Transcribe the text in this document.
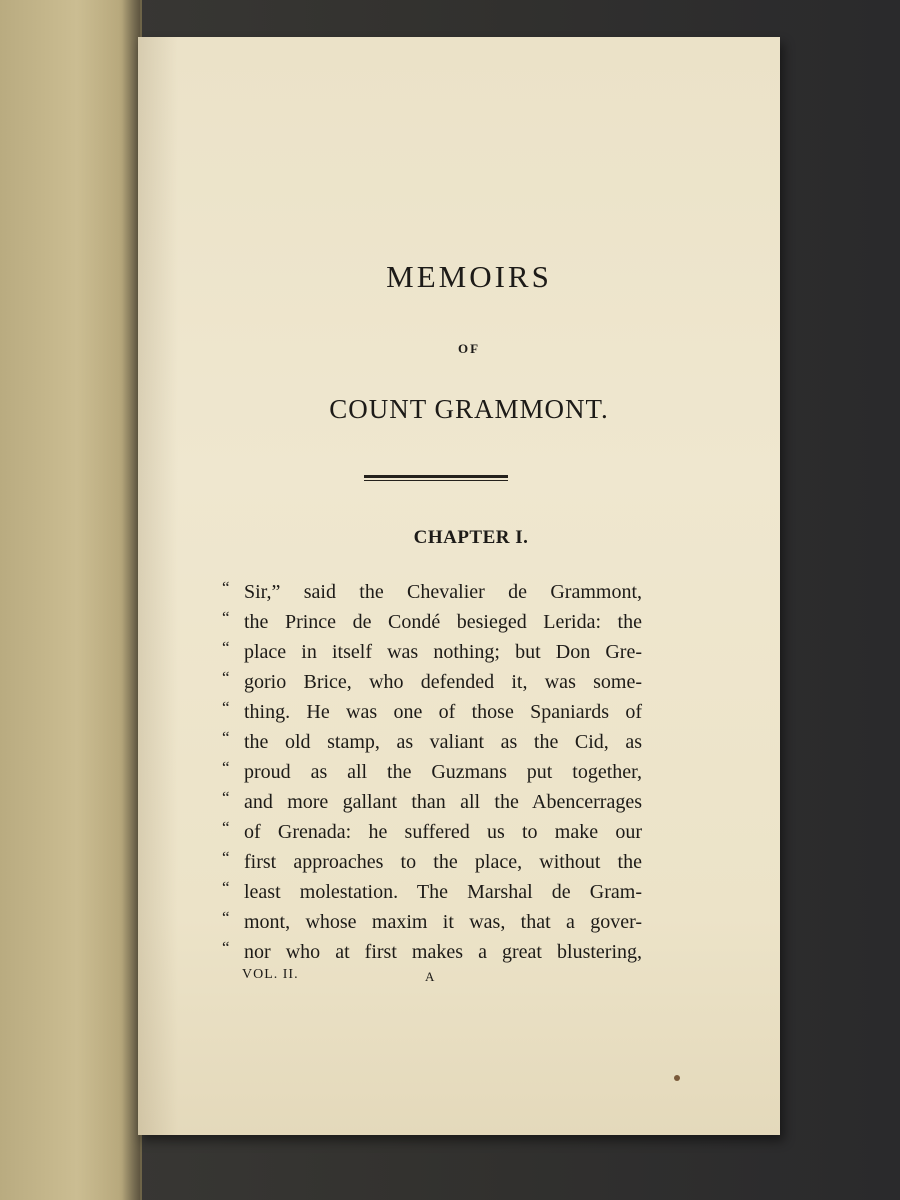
MEMOIRS
OF
COUNT GRAMMONT.
CHAPTER I.
“ Sir,” said the Chevalier de Grammont,
“ the Prince de Condé besieged Lerida: the
“ place in itself was nothing; but Don Gre-
“ gorio Brice, who defended it, was some-
“ thing. He was one of those Spaniards of
“ the old stamp, as valiant as the Cid, as
“ proud as all the Guzmans put together,
“ and more gallant than all the Abencerrages
“ of Grenada: he suffered us to make our
“ first approaches to the place, without the
“ least molestation. The Marshal de Gram-
“ mont, whose maxim it was, that a gover-
“ nor who at first makes a great blustering,
VOL. II.	A
